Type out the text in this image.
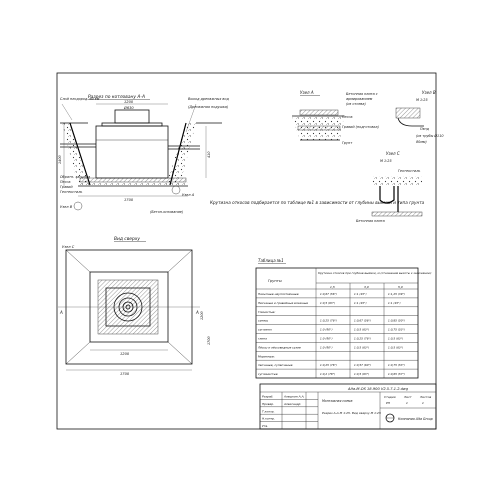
Разрез по котловану А-А
1200
Ø630
1700
1400
410
Слой плодород. 60 см	Выход дренажных вод
(Дренажная подушка)
Обратн. засыпка
Песок
Гравий
Геотекстиль
(Бетон.основание)
Узел В
Узел А
Крутизна откосов подбирается по таблице №1 в зависимости от глубины выемки и типа грунта
Узел А	Бетонная плита с
армированием
(из отсева)
Песок
Гравий (подготовка)
Грунт
Узел В
М 1:25
Пэнд
(из трубы Ø110
80мм)
Узел С
М 1:25
Геотекстиль
Бетонная плита
Вид сверху
Узел С
А	А
1200
1700
1200
1700
Таблица №1
Грунты
Крутизна откосов при глубине выемки, м (отношение высоты к заложению)
1,5	3,0	5,0
Насыпные неуплотнённые	1:0,67 (56°)	1:1 (45°)	1:1,25 (39°)
Песчаные и гравийные влажные	1:0,5 (63°)	1:1 (45°)	1:1 (45°)
Глинистые:
супесь	1:0,25 (76°)	1:0,67 (56°)	1:0,85 (50°)
суглинок	1:0 (90°)	1:0,5 (63°)	1:0,75 (53°)
глина	1:0 (90°)	1:0,25 (76°)	1:0,5 (63°)
Лёссы и лёссовидные сухие	1:0 (90°)	1:0,5 (63°)	1:0,5 (63°)
Моренные:
песчаные, супесчаные	1:0,25 (76°)	1:0,57 (60°)	1:0,75 (53°)
суглинистые	1:0,2 (78°)	1:0,5 (63°)	1:0,65 (57°)
Alta-M-OS 18-900 V2.5.7-1.2.dwg
Монтажная схема
Разрез А-А М 1:25. Вид сверху М 1:25
Стадия	Лист	Листов
РП	1	1
Компания Alta Group
Разраб.	Алешкин А.А.
Провер.	Александр
Т.контр.
Н.контр.
Утв.
